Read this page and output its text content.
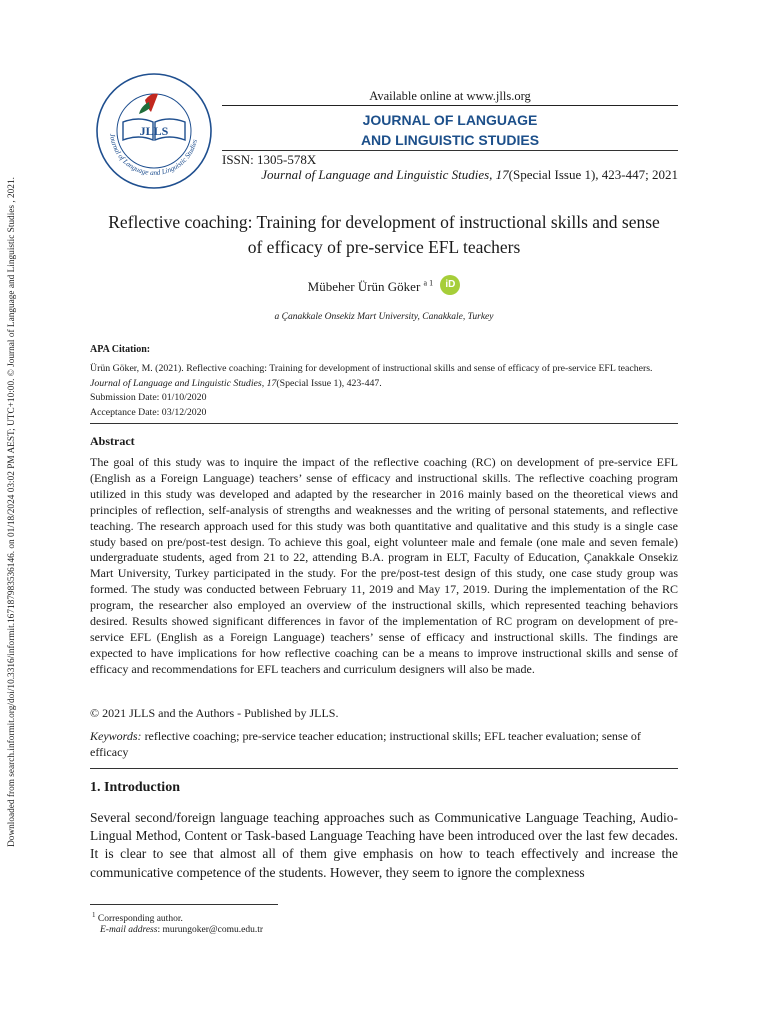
Downloaded from search.informit.org/doi/10.3316/informit.167187983536146. on 01/18/2024 03:02 PM AEST; UTC+10:00. © Journal of Language and Linguistic Studies , 2021.
JLLS
Journal of Language and Linguistic Studies
Available online at www.jlls.org
JOURNAL OF LANGUAGE
AND LINGUISTIC STUDIES
ISSN: 1305-578X
Journal of Language and Linguistic Studies, 17(Special Issue 1), 423-447; 2021
Reflective coaching: Training for development of instructional skills and sense
of efficacy of pre-service EFL teachers
Mübeher Ürün Göker $^{a 1}$ iD
a Çanakkale Onsekiz Mart University, Canakkale, Turkey
APA Citation:
Ürün Göker, M. (2021). Reflective coaching: Training for development of instructional skills and sense of efficacy of pre-service EFL teachers.
Journal of Language and Linguistic Studies, 17(Special Issue 1), 423-447.
Submission Date: 01/10/2020
Acceptance Date: 03/12/2020
Abstract
The goal of this study was to inquire the impact of the reflective coaching (RC) on development of pre-service EFL (English as a Foreign Language) teachers’ sense of efficacy and instructional skills. The reflective coaching program utilized in this study was developed and adapted by the researcher in 2016 mainly based on the theoretical views and principles of reflection, self-analysis of strengths and weaknesses and the writing of personal statements, and reflective teaching. The research approach used for this study was both quantitative and qualitative and this study is a single case study based on pre/post-test design. To achieve this goal, eight volunteer male and female (one male and seven female) undergraduate students, aged from 21 to 22, attending B.A. program in ELT, Faculty of Education, Çanakkale Onsekiz Mart University, Turkey participated in the study. For the pre/post-test design of this study, one case study group was formed. The study was conducted between February 11, 2019 and May 17, 2019. During the implementation of the RC program, the researcher also employed an overview of the instructional skills, which represented teaching behaviors desired. Results showed significant differences in favor of the implementation of RC program on development of pre-service EFL (English as a Foreign Language) teachers’ sense of efficacy and instructional skills. The findings are expected to have implications for how reflective coaching can be a means to improve instructional skills and sense of efficacy and recommendations for EFL teachers and curriculum designers will also be made.
© 2021 JLLS and the Authors - Published by JLLS.
Keywords: reflective coaching; pre-service teacher education; instructional skills; EFL teacher evaluation; sense of efficacy
1. Introduction
Several second/foreign language teaching approaches such as Communicative Language Teaching, Audio-Lingual Method, Content or Task-based Language Teaching have been introduced over the last few decades. It is clear to see that almost all of them give emphasis on how to teach effectively and increase the communicative competence of the students. However, they seem to ignore the complexness
$^1$ Corresponding author.
E-mail address: murungoker@comu.edu.tr
